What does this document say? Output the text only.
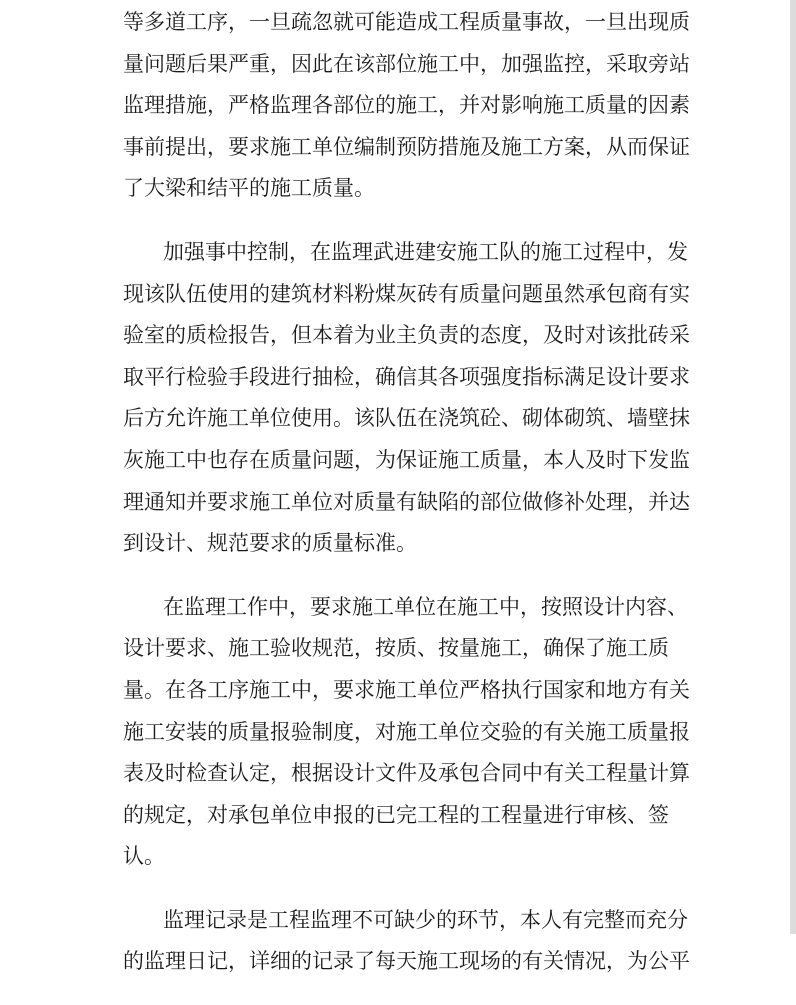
等多道工序，一旦疏忽就可能造成工程质量事故，一旦出现质
量问题后果严重，因此在该部位施工中，加强监控，采取旁站
监理措施，严格监理各部位的施工，并对影响施工质量的因素
事前提出，要求施工单位编制预防措施及施工方案，从而保证
了大梁和结平的施工质量。
加强事中控制，在监理武进建安施工队的施工过程中，发
现该队伍使用的建筑材料粉煤灰砖有质量问题虽然承包商有实
验室的质检报告，但本着为业主负责的态度，及时对该批砖采
取平行检验手段进行抽检，确信其各项强度指标满足设计要求
后方允许施工单位使用。该队伍在浇筑砼、砌体砌筑、墙壁抹
灰施工中也存在质量问题，为保证施工质量，本人及时下发监
理通知并要求施工单位对质量有缺陷的部位做修补处理，并达
到设计、规范要求的质量标准。
在监理工作中，要求施工单位在施工中，按照设计内容、
设计要求、施工验收规范，按质、按量施工，确保了施工质
量。在各工序施工中，要求施工单位严格执行国家和地方有关
施工安装的质量报验制度，对施工单位交验的有关施工质量报
表及时检查认定，根据设计文件及承包合同中有关工程量计算
的规定，对承包单位申报的已完工程的工程量进行审核、签
认。
监理记录是工程监理不可缺少的环节，本人有完整而充分
的监理日记，详细的记录了每天施工现场的有关情况，为公平
